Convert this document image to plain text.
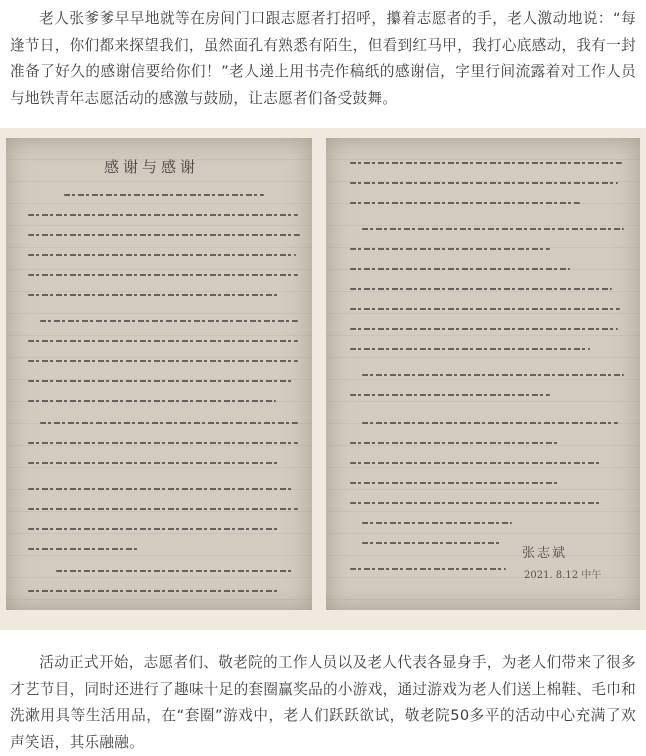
老人张爹爹早早地就等在房间门口跟志愿者打招呼，攥着志愿者的手，老人激动地说：“每逢节日，你们都来探望我们，虽然面孔有熟悉有陌生，但看到红马甲，我打心底感动，我有一封准备了好久的感谢信要给你们！”老人递上用书壳作稿纸的感谢信，字里行间流露着对工作人员与地铁青年志愿活动的感激与鼓励，让志愿者们备受鼓舞。

感谢与感谢
张志斌
2021. 8.12 中午

活动正式开始，志愿者们、敬老院的工作人员以及老人代表各显身手，为老人们带来了很多才艺节目，同时还进行了趣味十足的套圈赢奖品的小游戏，通过游戏为老人们送上棉鞋、毛巾和洗漱用具等生活用品，在“套圈”游戏中，老人们跃跃欲试，敬老院50多平的活动中心充满了欢声笑语，其乐融融。
